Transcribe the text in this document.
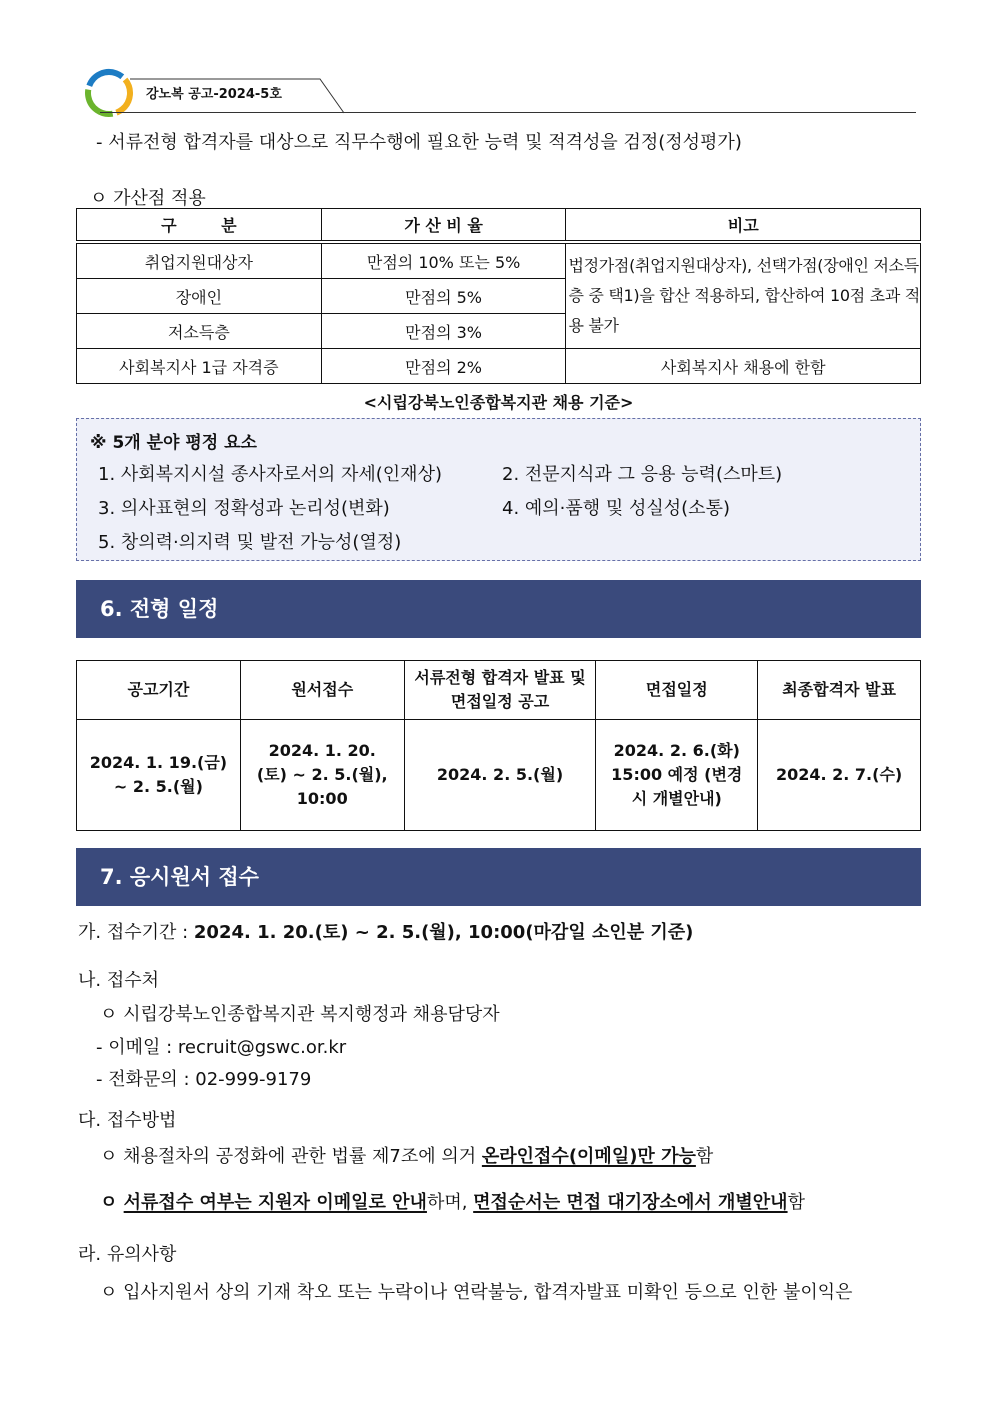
강노복 공고-2024-5호
- 서류전형 합격자를 대상으로 직무수행에 필요한 능력 및 적격성을 검정(정성평가)
ㅇ 가산점 적용
구        분	가 산 비 율	비고
취업지원대상자	만점의 10% 또는 5%	법정가점(취업지원대상자), 선택가점(장애인 저소득층 중 택1)을 합산 적용하되, 합산하여 10점 초과 적용 불가
장애인	만점의 5%	
저소득층	만점의 3%	
사회복지사 1급 자격증	만점의 2%	사회복지사 채용에 한함
<시립강북노인종합복지관 채용 기준>
※ 5개 분야 평정 요소
1. 사회복지시설 종사자로서의 자세(인재상)	2. 전문지식과 그 응용 능력(스마트)
3. 의사표현의 정확성과 논리성(변화)	4. 예의·품행 및 성실성(소통)
5. 창의력·의지력 및 발전 가능성(열정)
6. 전형 일정
공고기간	원서접수	서류전형 합격자 발표 및 면접일정 공고	면접일정	최종합격자 발표
2024. 1. 19.(금) ~ 2. 5.(월)	2024. 1. 20.(토) ~ 2. 5.(월), 10:00	2024. 2. 5.(월)	2024. 2. 6.(화) 15:00 예정 (변경시 개별안내)	2024. 2. 7.(수)
7. 응시원서 접수
가. 접수기간 : 2024. 1. 20.(토) ~ 2. 5.(월), 10:00(마감일 소인분 기준)
나. 접수처
ㅇ 시립강북노인종합복지관 복지행정과 채용담당자
- 이메일 : recruit@gswc.or.kr
- 전화문의 : 02-999-9179
다. 접수방법
ㅇ 채용절차의 공정화에 관한 법률 제7조에 의거 온라인접수(이메일)만 가능함
ㅇ 서류접수 여부는 지원자 이메일로 안내하며, 면접순서는 면접 대기장소에서 개별안내함
라. 유의사항
ㅇ 입사지원서 상의 기재 착오 또는 누락이나 연락불능, 합격자발표 미확인 등으로 인한 불이익은
